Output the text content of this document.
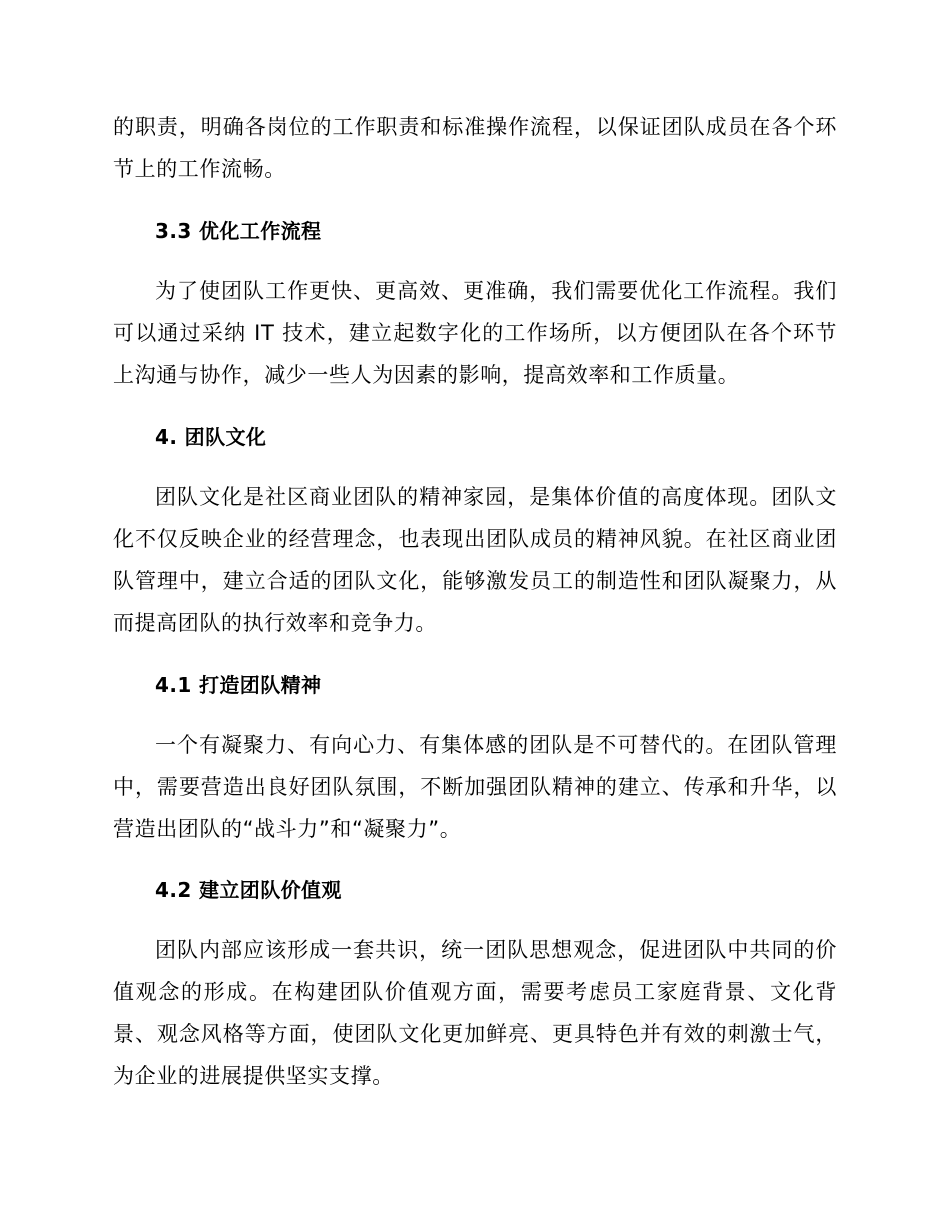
的职责，明确各岗位的工作职责和标准操作流程，以保证团队成员在各个环节上的工作流畅。

3.3 优化工作流程

为了使团队工作更快、更高效、更准确，我们需要优化工作流程。我们可以通过采纳 IT 技术，建立起数字化的工作场所，以方便团队在各个环节上沟通与协作，减少一些人为因素的影响，提高效率和工作质量。

4. 团队文化

团队文化是社区商业团队的精神家园，是集体价值的高度体现。团队文化不仅反映企业的经营理念，也表现出团队成员的精神风貌。在社区商业团队管理中，建立合适的团队文化，能够激发员工的制造性和团队凝聚力，从而提高团队的执行效率和竞争力。

4.1 打造团队精神

一个有凝聚力、有向心力、有集体感的团队是不可替代的。在团队管理中，需要营造出良好团队氛围，不断加强团队精神的建立、传承和升华，以营造出团队的“战斗力”和“凝聚力”。

4.2 建立团队价值观

团队内部应该形成一套共识，统一团队思想观念，促进团队中共同的价值观念的形成。在构建团队价值观方面，需要考虑员工家庭背景、文化背景、观念风格等方面，使团队文化更加鲜亮、更具特色并有效的刺激士气，为企业的进展提供坚实支撑。
